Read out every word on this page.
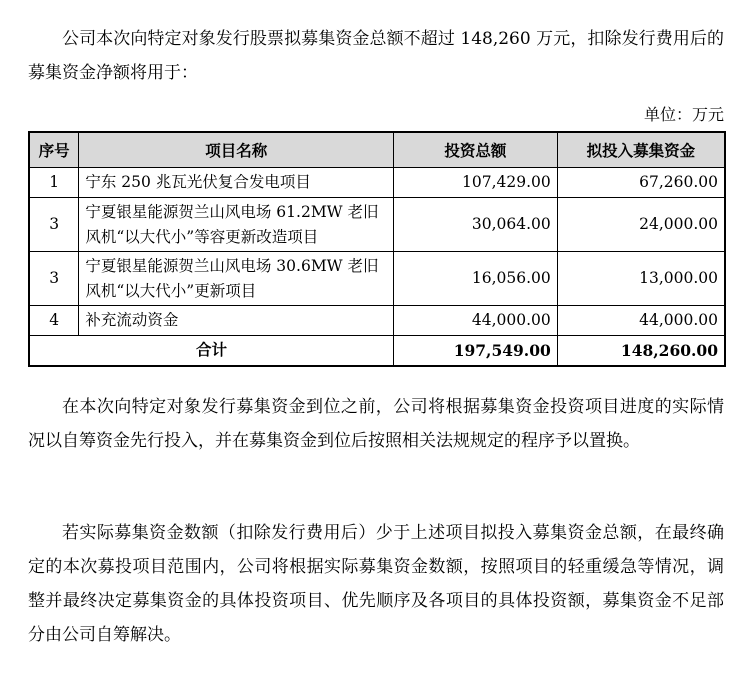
公司本次向特定对象发行股票拟募集资金总额不超过 148,260 万元，扣除发行费用后的募集资金净额将用于：

单位：万元
序号	项目名称	投资总额	拟投入募集资金
1	宁东 250 兆瓦光伏复合发电项目	107,429.00	67,260.00
3	宁夏银星能源贺兰山风电场 61.2MW 老旧风机“以大代小”等容更新改造项目	30,064.00	24,000.00
3	宁夏银星能源贺兰山风电场 30.6MW 老旧风机“以大代小”更新项目	16,056.00	13,000.00
4	补充流动资金	44,000.00	44,000.00
合计		197,549.00	148,260.00

在本次向特定对象发行募集资金到位之前，公司将根据募集资金投资项目进度的实际情况以自筹资金先行投入，并在募集资金到位后按照相关法规规定的程序予以置换。

若实际募集资金数额（扣除发行费用后）少于上述项目拟投入募集资金总额，在最终确定的本次募投项目范围内，公司将根据实际募集资金数额，按照项目的轻重缓急等情况，调整并最终决定募集资金的具体投资项目、优先顺序及各项目的具体投资额，募集资金不足部分由公司自筹解决。
